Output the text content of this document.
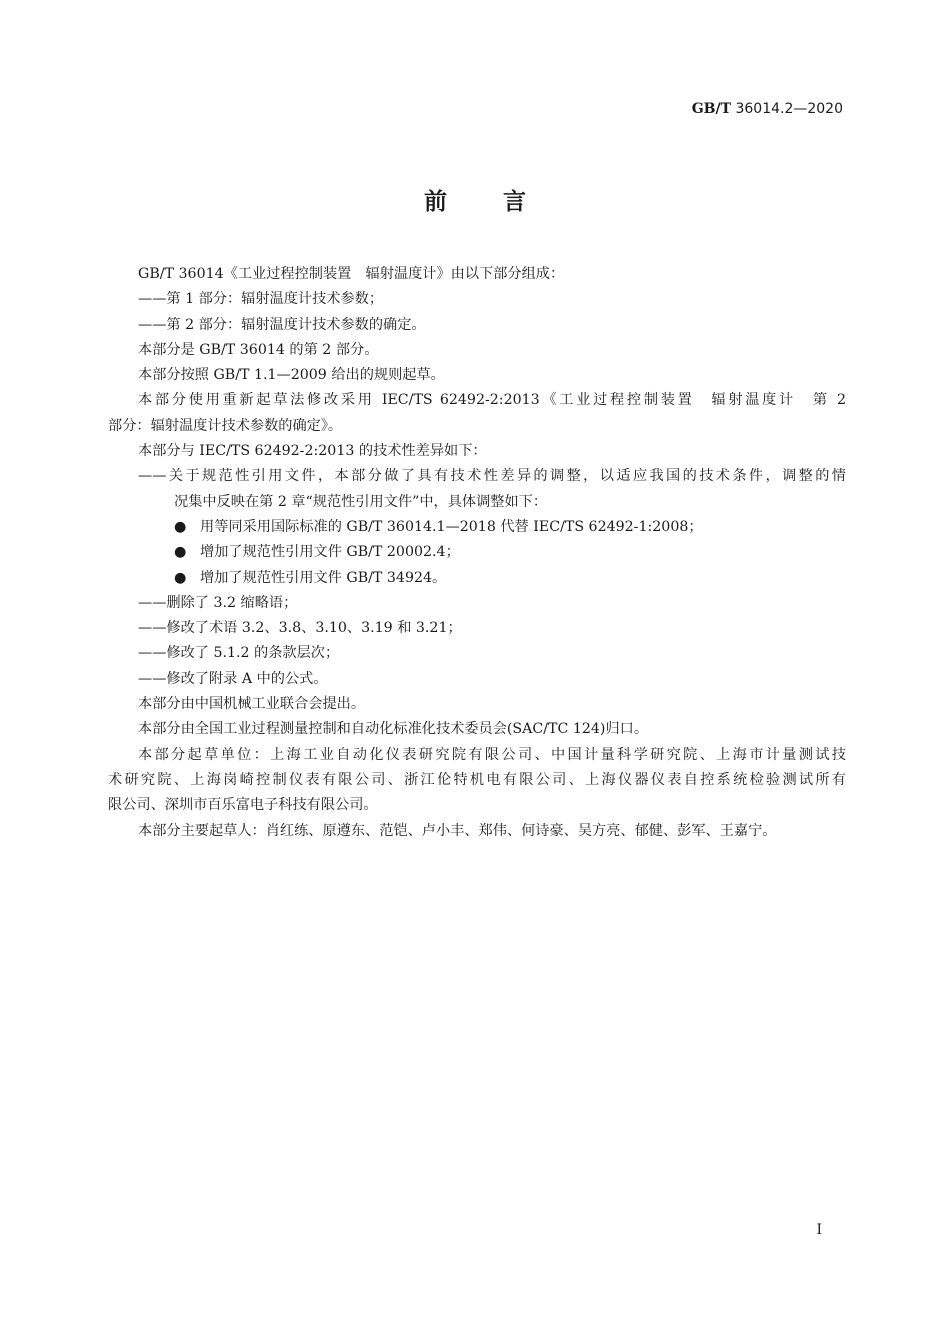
GB/T 36014.2—2020
前言
GB/T 36014《工业过程控制装置　辐射温度计》由以下部分组成：
——第 1 部分：辐射温度计技术参数；
——第 2 部分：辐射温度计技术参数的确定。
本部分是 GB/T 36014 的第 2 部分。
本部分按照 GB/T 1.1—2009 给出的规则起草。
本部分使用重新起草法修改采用 IEC/TS 62492-2:2013《工业过程控制装置　辐射温度计　第 2
部分：辐射温度计技术参数的确定》。
本部分与 IEC/TS 62492-2:2013 的技术性差异如下：
——关于规范性引用文件，本部分做了具有技术性差异的调整，以适应我国的技术条件，调整的情
况集中反映在第 2 章“规范性引用文件”中，具体调整如下：
● 用等同采用国际标准的 GB/T 36014.1—2018 代替 IEC/TS 62492-1:2008；
● 增加了规范性引用文件 GB/T 20002.4；
● 增加了规范性引用文件 GB/T 34924。
——删除了 3.2 缩略语；
——修改了术语 3.2、3.8、3.10、3.19 和 3.21；
——修改了 5.1.2 的条款层次；
——修改了附录 A 中的公式。
本部分由中国机械工业联合会提出。
本部分由全国工业过程测量控制和自动化标准化技术委员会(SAC/TC 124)归口。
本部分起草单位：上海工业自动化仪表研究院有限公司、中国计量科学研究院、上海市计量测试技
术研究院、上海岗崎控制仪表有限公司、浙江伦特机电有限公司、上海仪器仪表自控系统检验测试所有
限公司、深圳市百乐富电子科技有限公司。
本部分主要起草人：肖红练、原遵东、范铠、卢小丰、郑伟、何诗豪、吴方亮、郁健、彭军、王嘉宁。
I
